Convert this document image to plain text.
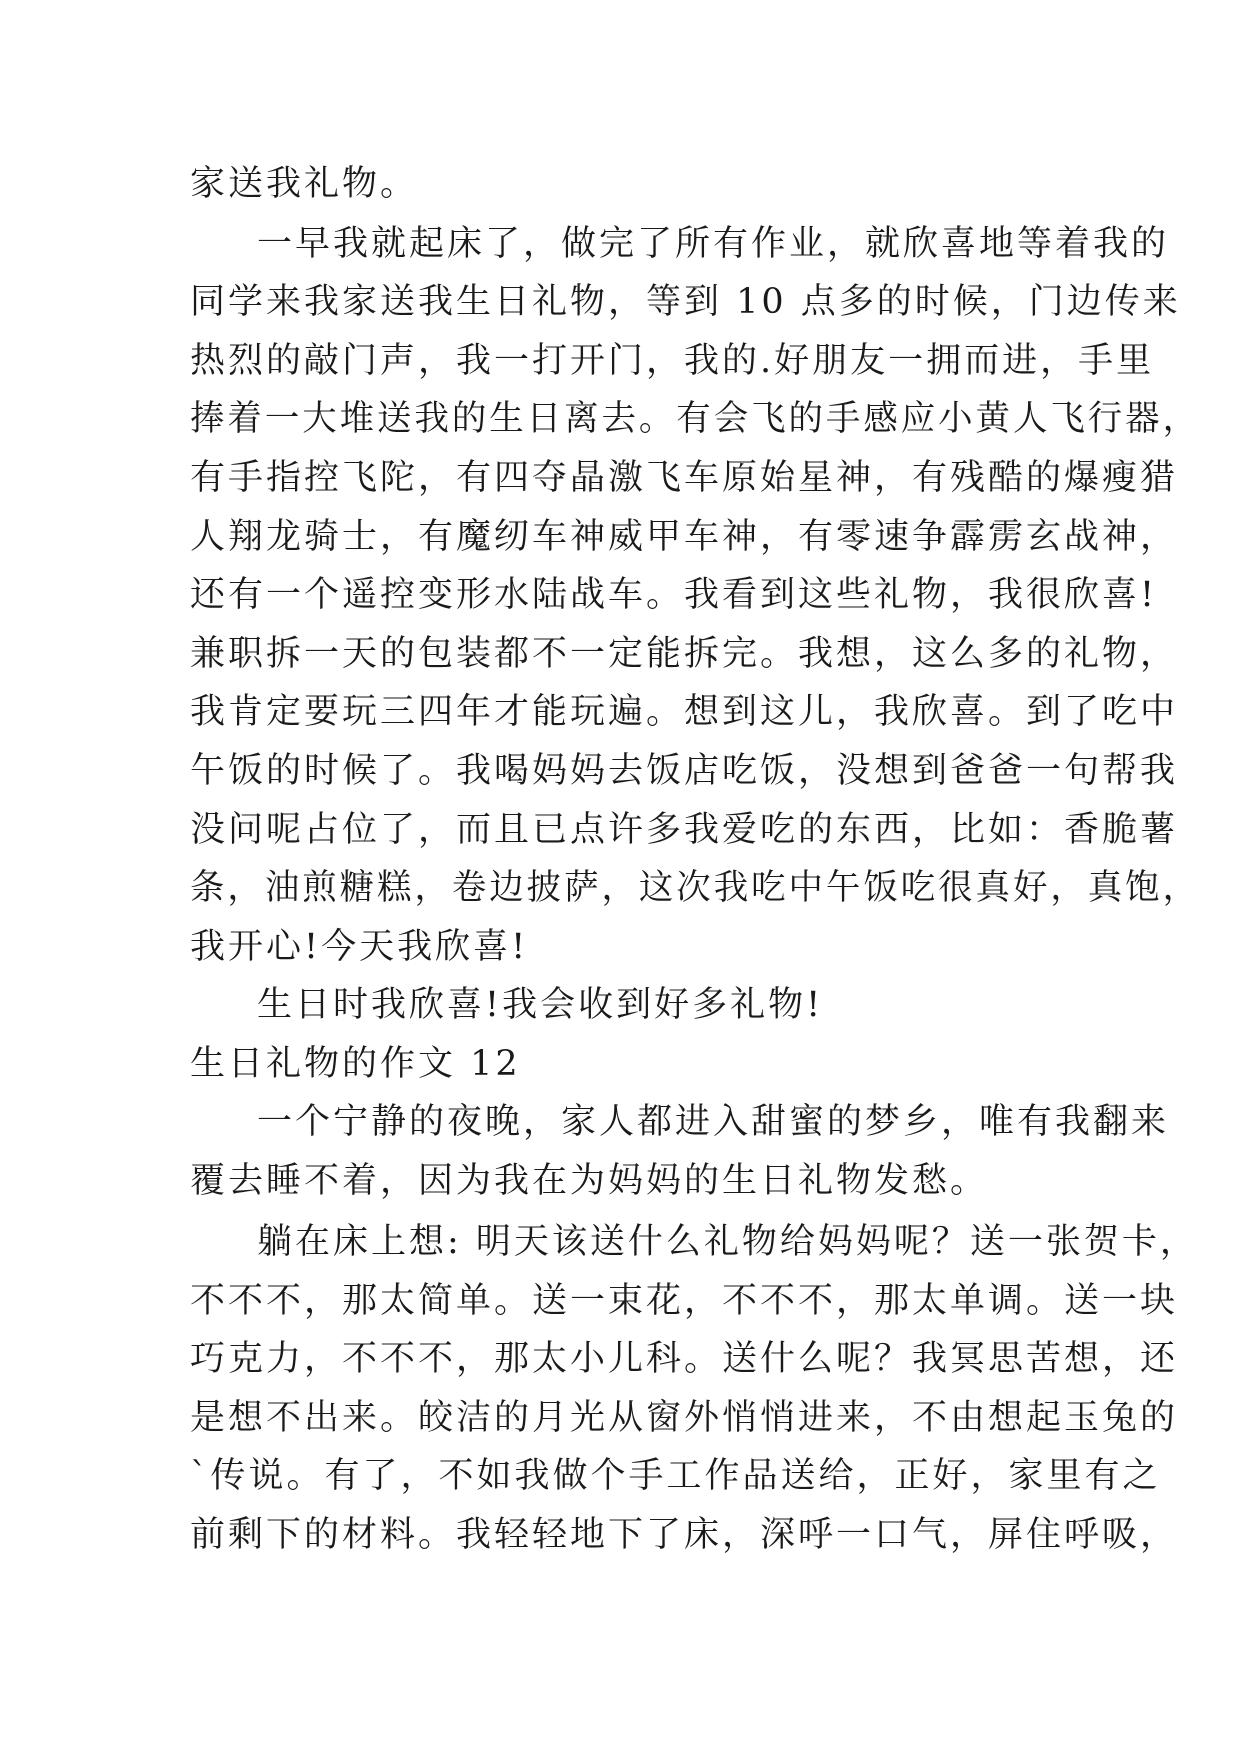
家送我礼物。
一早我就起床了，做完了所有作业，就欣喜地等着我的
同学来我家送我生日礼物，等到 10 点多的时候，门边传来
热烈的敲门声，我一打开门，我的.好朋友一拥而进，手里
捧着一大堆送我的生日离去。有会飞的手感应小黄人飞行器，
有手指控飞陀，有四夺晶激飞车原始星神，有残酷的爆瘦猎
人翔龙骑士，有魔纫车神威甲车神，有零速争霹雳玄战神，
还有一个遥控变形水陆战车。我看到这些礼物，我很欣喜!
兼职拆一天的包装都不一定能拆完。我想，这么多的礼物，
我肯定要玩三四年才能玩遍。想到这儿，我欣喜。到了吃中
午饭的时候了。我喝妈妈去饭店吃饭，没想到爸爸一句帮我
没问呢占位了，而且已点许多我爱吃的东西，比如：香脆薯
条，油煎糖糕，卷边披萨，这次我吃中午饭吃很真好，真饱，
我开心!今天我欣喜!
生日时我欣喜!我会收到好多礼物!
生日礼物的作文 12
一个宁静的夜晚，家人都进入甜蜜的梦乡，唯有我翻来
覆去睡不着，因为我在为妈妈的生日礼物发愁。
躺在床上想: 明天该送什么礼物给妈妈呢？送一张贺卡，
不不不，那太简单。送一束花，不不不，那太单调。送一块
巧克力，不不不，那太小儿科。送什么呢？我冥思苦想，还
是想不出来。皎洁的月光从窗外悄悄进来，不由想起玉兔的
`传说。有了，不如我做个手工作品送给，正好，家里有之
前剩下的材料。我轻轻地下了床，深呼一口气，屏住呼吸，
